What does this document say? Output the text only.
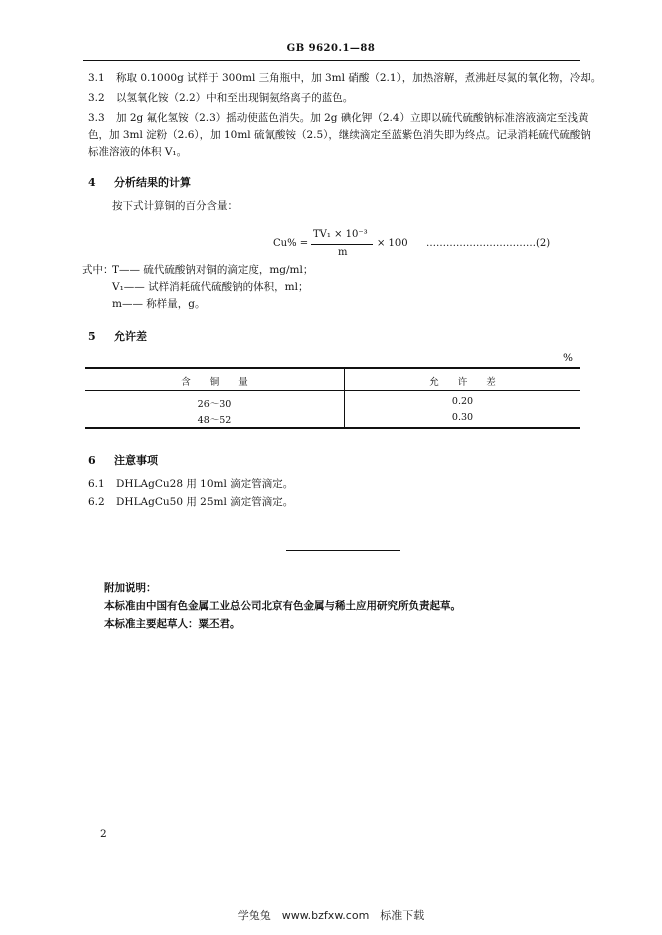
GB 9620.1—88
3.1 称取 0.1000g 试样于 300ml 三角瓶中，加 3ml 硝酸（2.1），加热溶解，煮沸赶尽氮的氧化物，冷却。
3.2 以氢氧化铵（2.2）中和至出现铜氨络离子的蓝色。
3.3 加 2g 氟化氢铵（2.3）摇动使蓝色消失。加 2g 碘化钾（2.4）立即以硫代硫酸钠标准溶液滴定至浅黄
色，加 3ml 淀粉（2.6），加 10ml 硫氰酸铵（2.5），继续滴定至蓝紫色消失即为终点。记录消耗硫代硫酸钠
标准溶液的体积 V₁。
4 分析结果的计算
按下式计算铜的百分含量：
Cu% =
TV₁ × 10⁻³
m
× 100 ……………………………(2)
式中：
T—— 硫代硫酸钠对铜的滴定度，mg/ml；
V₁—— 试样消耗硫代硫酸钠的体积，ml；
m—— 称样量，g。
5 允许差
%
含　　铜　　量	允　　许　　差
26～30	0.20
48～52	0.30
6 注意事项
6.1 DHLAgCu28 用 10ml 滴定管滴定。
6.2 DHLAgCu50 用 25ml 滴定管滴定。
附加说明：
本标准由中国有色金属工业总公司北京有色金属与稀土应用研究所负责起草。
本标准主要起草人：粟丕君。
2
学兔兔　www.bzfxw.com　标准下载
